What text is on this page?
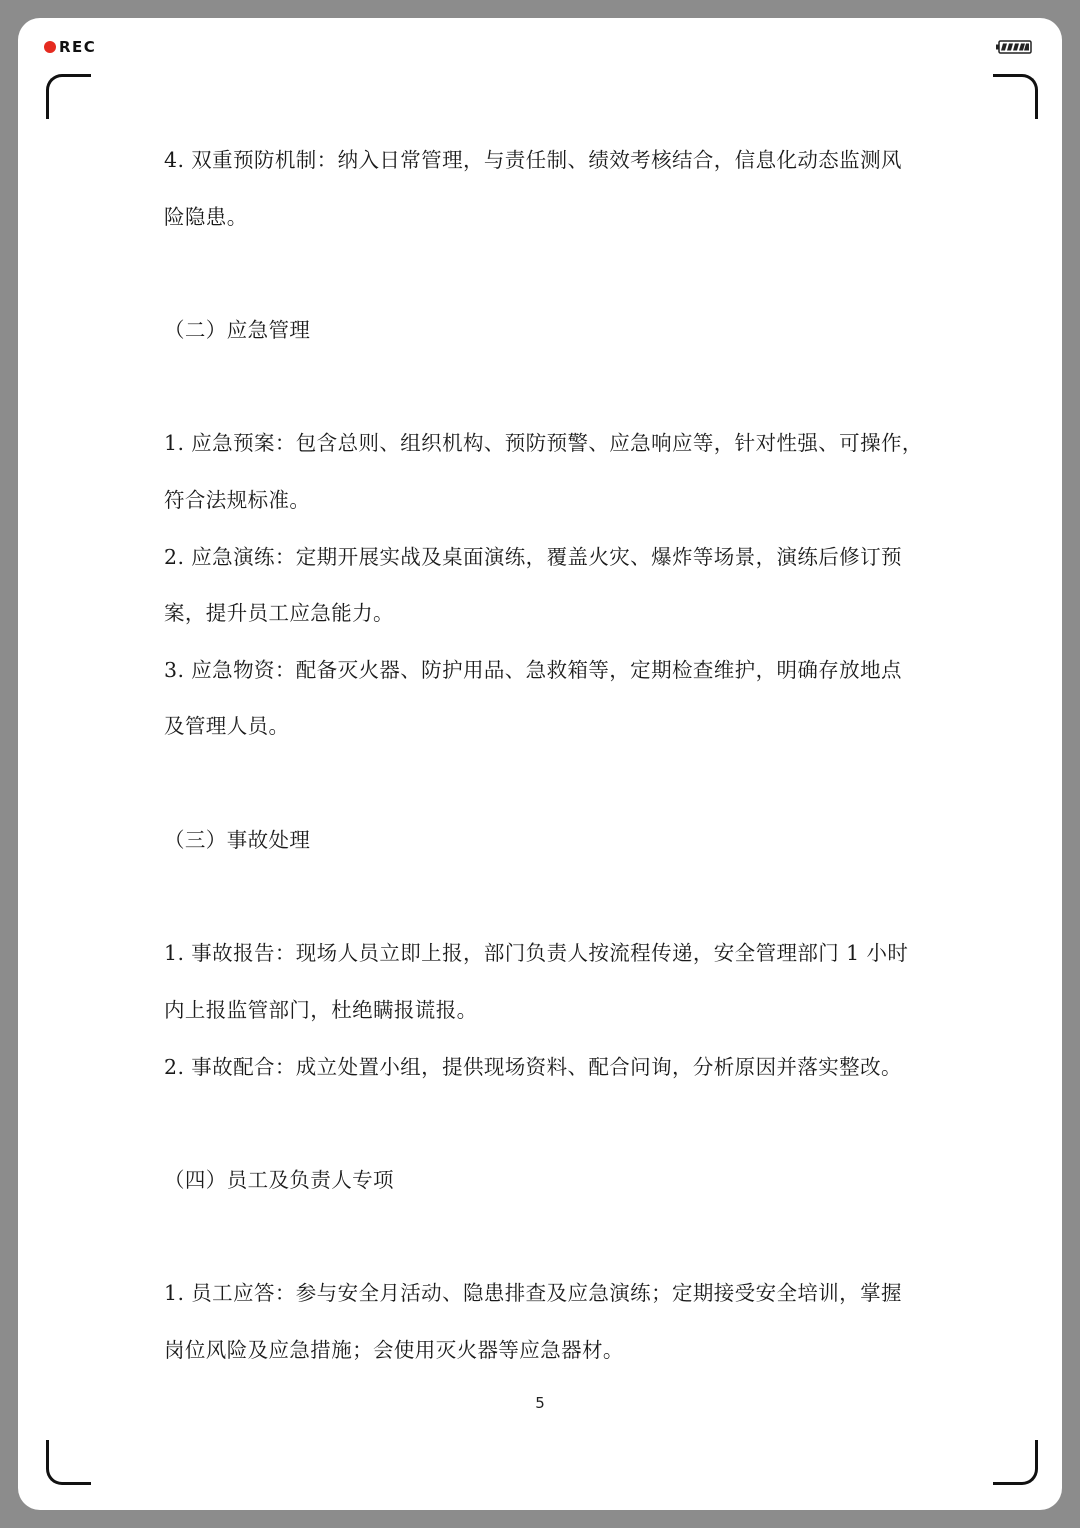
REC
4. 双重预防机制：纳入日常管理，与责任制、绩效考核结合，信息化动态监测风
险隐患。
（二）应急管理
1. 应急预案：包含总则、组织机构、预防预警、应急响应等，针对性强、可操作，
符合法规标准。
2. 应急演练：定期开展实战及桌面演练，覆盖火灾、爆炸等场景，演练后修订预
案，提升员工应急能力。
3. 应急物资：配备灭火器、防护用品、急救箱等，定期检查维护，明确存放地点
及管理人员。
（三）事故处理
1. 事故报告：现场人员立即上报，部门负责人按流程传递，安全管理部门 1 小时
内上报监管部门，杜绝瞒报谎报。
2. 事故配合：成立处置小组，提供现场资料、配合问询，分析原因并落实整改。
（四）员工及负责人专项
1. 员工应答：参与安全月活动、隐患排查及应急演练；定期接受安全培训，掌握
岗位风险及应急措施；会使用灭火器等应急器材。
5
